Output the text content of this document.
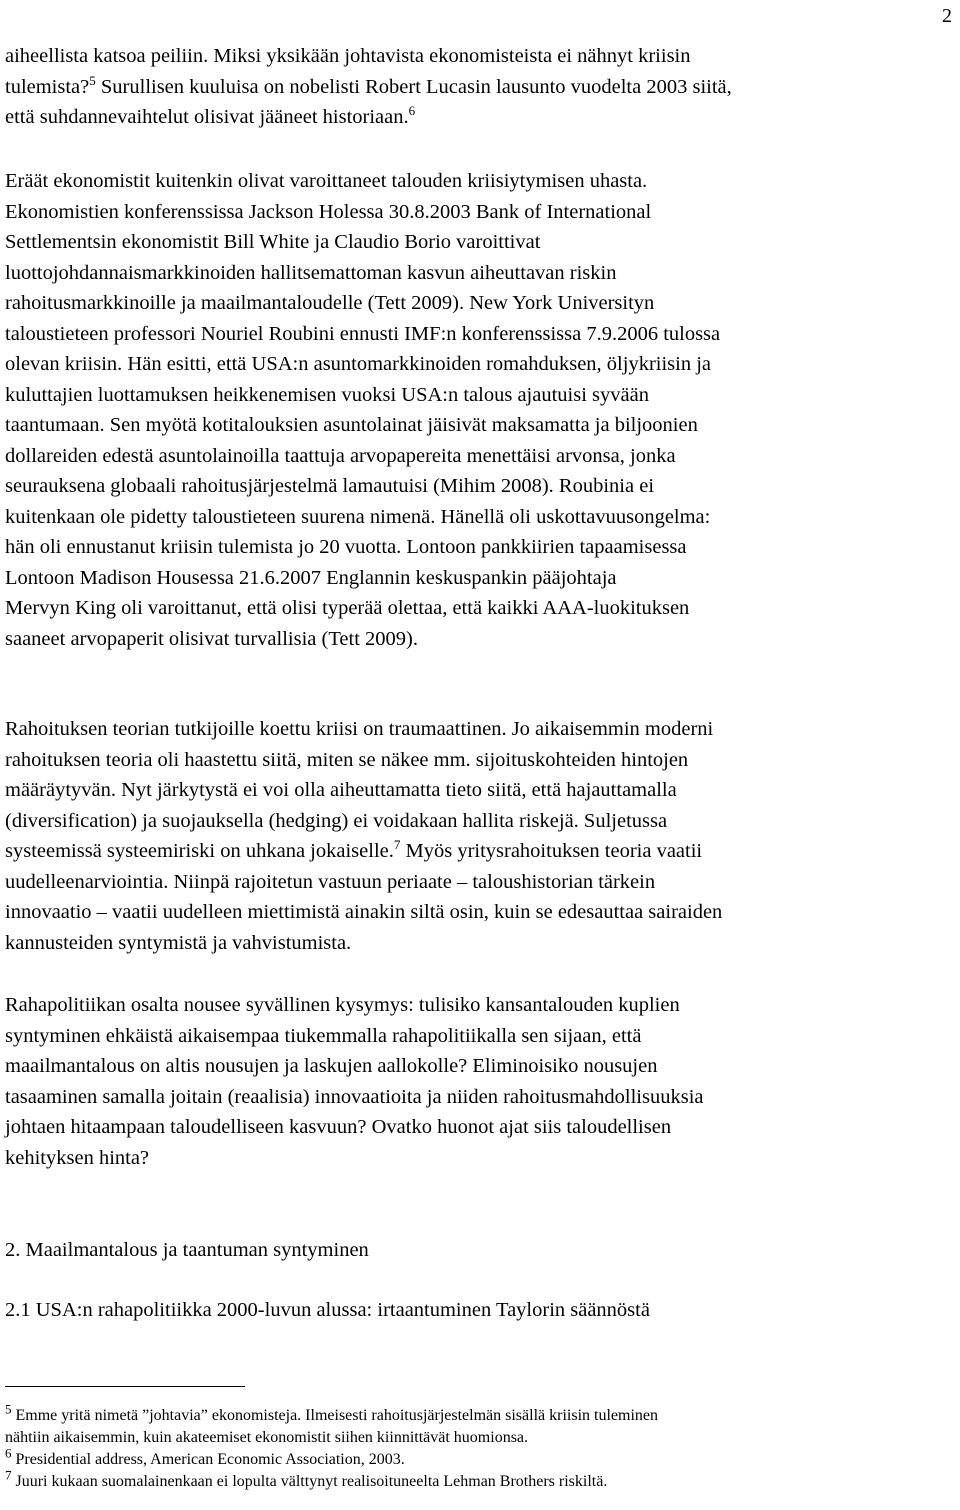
2
aiheellista katsoa peiliin. Miksi yksikään johtavista ekonomisteista ei nähnyt kriisin
tulemista?$^5$ Surullisen kuuluisa on nobelisti Robert Lucasin lausunto vuodelta 2003 siitä,
että suhdannevaihtelut olisivat jääneet historiaan.$^6$
Eräät ekonomistit kuitenkin olivat varoittaneet talouden kriisiytymisen uhasta.
Ekonomistien konferenssissa Jackson Holessa 30.8.2003 Bank of International
Settlementsin ekonomistit Bill White ja Claudio Borio varoittivat
luottojohdannaismarkkinoiden hallitsemattoman kasvun aiheuttavan riskin
rahoitusmarkkinoille ja maailmantaloudelle (Tett 2009). New York Universityn
taloustieteen professori Nouriel Roubini ennusti IMF:n konferenssissa 7.9.2006 tulossa
olevan kriisin. Hän esitti, että USA:n asuntomarkkinoiden romahduksen, öljykriisin ja
kuluttajien luottamuksen heikkenemisen vuoksi USA:n talous ajautuisi syvään
taantumaan. Sen myötä kotitalouksien asuntolainat jäisivät maksamatta ja biljoonien
dollareiden edestä asuntolainoilla taattuja arvopapereita menettäisi arvonsa, jonka
seurauksena globaali rahoitusjärjestelmä lamautuisi (Mihim 2008). Roubinia ei
kuitenkaan ole pidetty taloustieteen suurena nimenä. Hänellä oli uskottavuusongelma:
hän oli ennustanut kriisin tulemista jo 20 vuotta. Lontoon pankkiirien tapaamisessa
Lontoon Madison Housessa 21.6.2007 Englannin keskuspankin pääjohtaja
Mervyn King oli varoittanut, että olisi typerää olettaa, että kaikki AAA-luokituksen
saaneet arvopaperit olisivat turvallisia (Tett 2009).
Rahoituksen teorian tutkijoille koettu kriisi on traumaattinen. Jo aikaisemmin moderni
rahoituksen teoria oli haastettu siitä, miten se näkee mm. sijoituskohteiden hintojen
määräytyvän. Nyt järkytystä ei voi olla aiheuttamatta tieto siitä, että hajauttamalla
(diversification) ja suojauksella (hedging) ei voidakaan hallita riskejä. Suljetussa
systeemissä systeemiriski on uhkana jokaiselle.$^7$ Myös yritysrahoituksen teoria vaatii
uudelleenarviointia. Niinpä rajoitetun vastuun periaate – taloushistorian tärkein
innovaatio – vaatii uudelleen miettimistä ainakin siltä osin, kuin se edesauttaa sairaiden
kannusteiden syntymistä ja vahvistumista.
Rahapolitiikan osalta nousee syvällinen kysymys: tulisiko kansantalouden kuplien
syntyminen ehkäistä aikaisempaa tiukemmalla rahapolitiikalla sen sijaan, että
maailmantalous on altis nousujen ja laskujen aallokolle? Eliminoisiko nousujen
tasaaminen samalla joitain (reaalisia) innovaatioita ja niiden rahoitusmahdollisuuksia
johtaen hitaampaan taloudelliseen kasvuun? Ovatko huonot ajat siis taloudellisen
kehityksen hinta?
2. Maailmantalous ja taantuman syntyminen
2.1 USA:n rahapolitiikka 2000-luvun alussa: irtaantuminen Taylorin säännöstä
$^5$ Emme yritä nimetä ”johtavia” ekonomisteja. Ilmeisesti rahoitusjärjestelmän sisällä kriisin tuleminen
nähtiin aikaisemmin, kuin akateemiset ekonomistit siihen kiinnittävät huomionsa.
$^6$ Presidential address, American Economic Association, 2003.
$^7$ Juuri kukaan suomalainenkaan ei lopulta välttynyt realisoituneelta Lehman Brothers riskiltä.
